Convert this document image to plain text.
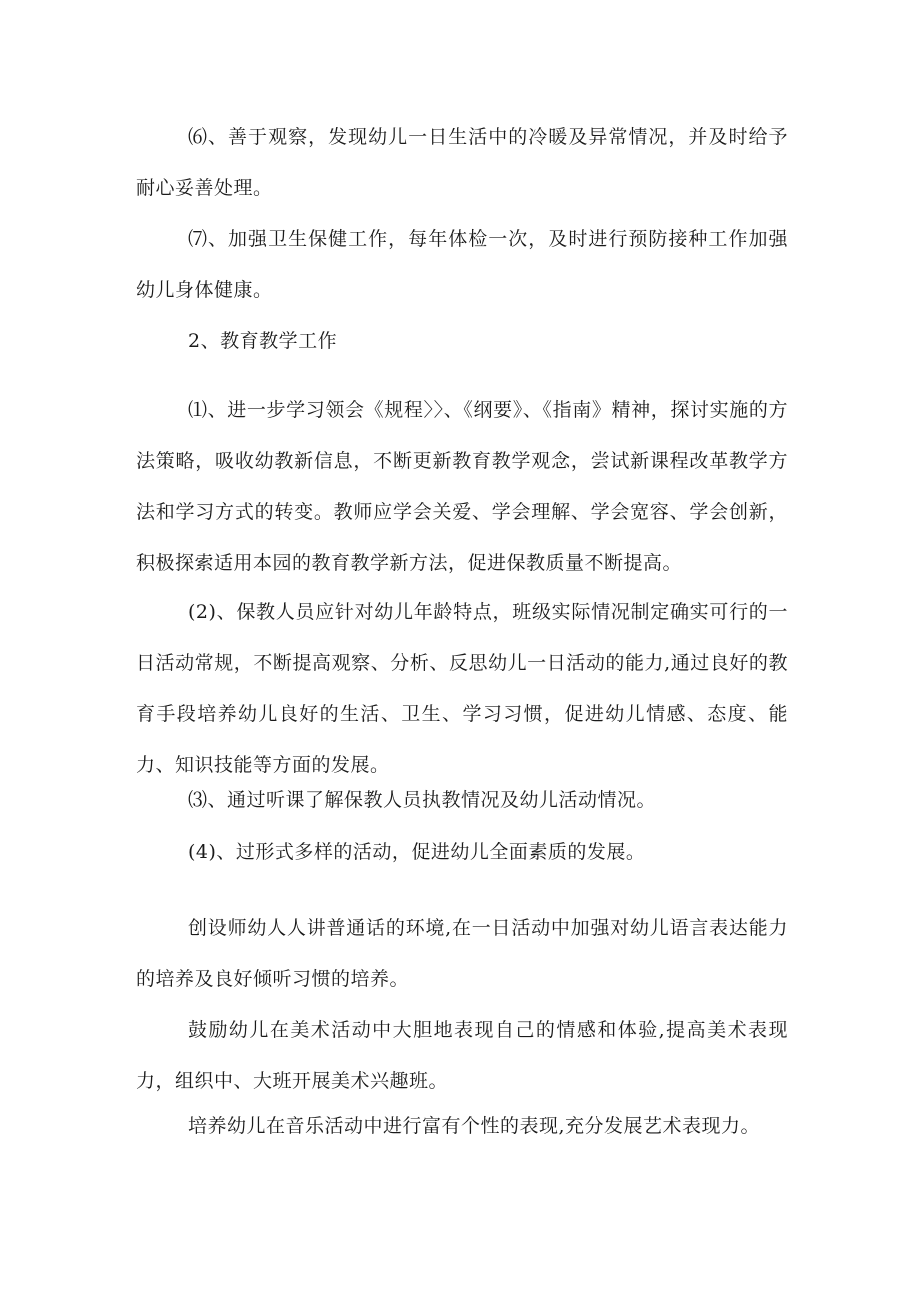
⑹、善于观察，发现幼儿一日生活中的冷暖及异常情况，并及时给予耐心妥善处理。

⑺、加强卫生保健工作，每年体检一次，及时进行预防接种工作加强幼儿身体健康。

2、教育教学工作

⑴、进一步学习领会《规程〉〉、《纲要》、《指南》精神，探讨实施的方法策略，吸收幼教新信息，不断更新教育教学观念，尝试新课程改革教学方法和学习方式的转变。教师应学会关爱、学会理解、学会宽容、学会创新，积极探索适用本园的教育教学新方法，促进保教质量不断提高。

(2)、保教人员应针对幼儿年龄特点，班级实际情况制定确实可行的一日活动常规，不断提高观察、分析、反思幼儿一日活动的能力,通过良好的教育手段培养幼儿良好的生活、卫生、学习习惯，促进幼儿情感、态度、能力、知识技能等方面的发展。

⑶、通过听课了解保教人员执教情况及幼儿活动情况。

(4)、过形式多样的活动，促进幼儿全面素质的发展。

创设师幼人人讲普通话的环境,在一日活动中加强对幼儿语言表达能力的培养及良好倾听习惯的培养。

鼓励幼儿在美术活动中大胆地表现自己的情感和体验,提高美术表现力，组织中、大班开展美术兴趣班。

培养幼儿在音乐活动中进行富有个性的表现,充分发展艺术表现力。
